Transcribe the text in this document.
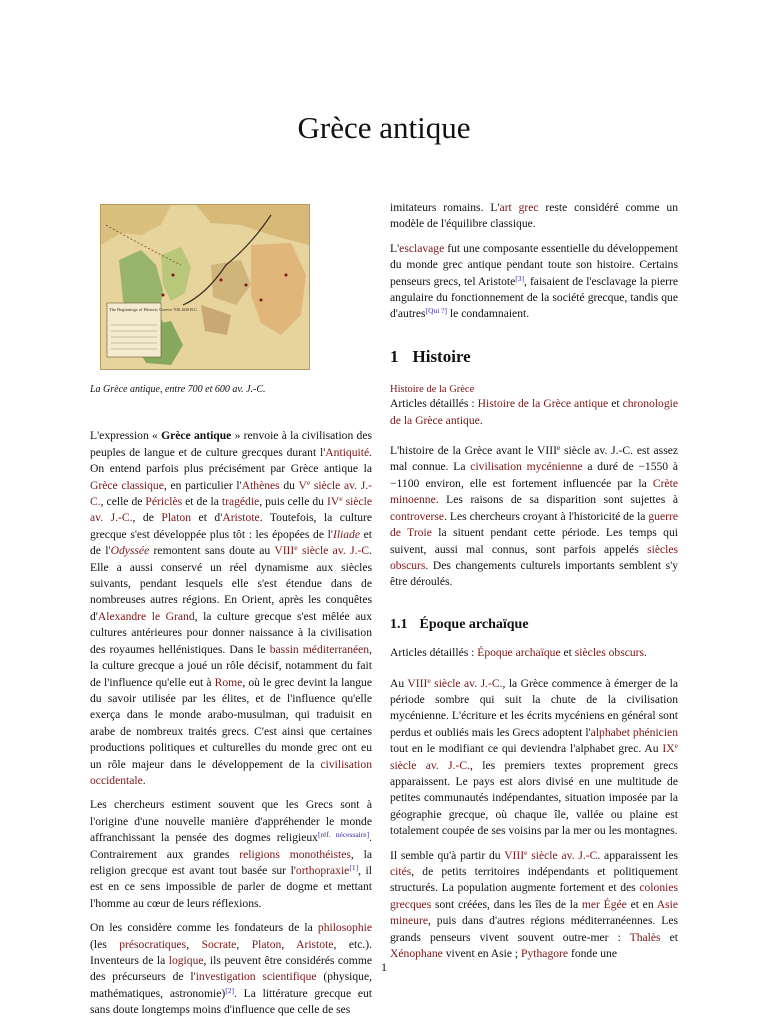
Grèce antique
The Beginnings of Historic Greece 700–600 B.C.

La Grèce antique, entre 700 et 600 av. J.-C.

L'expression « Grèce antique » renvoie à la civilisation des peuples de langue et de culture grecques durant l'Antiquité. On entend parfois plus précisément par Grèce antique la Grèce classique, en particulier l'Athènes du Ve siècle av. J.-C., celle de Périclès et de la tragédie, puis celle du IVe siècle av. J.-C., de Platon et d'Aristote. Toutefois, la culture grecque s'est développée plus tôt : les épopées de l'Iliade et de l'Odyssée remontent sans doute au VIIIe siècle av. J.-C. Elle a aussi conservé un réel dynamisme aux siècles suivants, pendant lesquels elle s'est étendue dans de nombreuses autres régions. En Orient, après les conquêtes d'Alexandre le Grand, la culture grecque s'est mêlée aux cultures antérieures pour donner naissance à la civilisation des royaumes hellénistiques. Dans le bassin méditerranéen, la culture grecque a joué un rôle décisif, notamment du fait de l'influence qu'elle eut à Rome, où le grec devint la langue du savoir utilisée par les élites, et de l'influence qu'elle exerça dans le monde arabo-musulman, qui traduisit en arabe de nombreux traités grecs. C'est ainsi que certaines productions politiques et culturelles du monde grec ont eu un rôle majeur dans le développement de la civilisation occidentale.

Les chercheurs estiment souvent que les Grecs sont à l'origine d'une nouvelle manière d'appréhender le monde affranchissant la pensée des dogmes religieux[réf. nécessaire]. Contrairement aux grandes religions monothéistes, la religion grecque est avant tout basée sur l'orthopraxie[1], il est en ce sens impossible de parler de dogme et mettant l'homme au cœur de leurs réflexions.

On les considère comme les fondateurs de la philosophie (les présocratiques, Socrate, Platon, Aristote, etc.). Inventeurs de la logique, ils peuvent être considérés comme des précurseurs de l'investigation scientifique (physique, mathématiques, astronomie)[2]. La littérature grecque eut sans doute longtemps moins d'influence que celle de ses

imitateurs romains. L'art grec reste considéré comme un modèle de l'équilibre classique.

L'esclavage fut une composante essentielle du développement du monde grec antique pendant toute son histoire. Certains penseurs grecs, tel Aristote[3], faisaient de l'esclavage la pierre angulaire du fonctionnement de la société grecque, tandis que d'autres[Qui ?] le condamnaient.

1 Histoire

Histoire de la Grèce

Articles détaillés : Histoire de la Grèce antique et chronologie de la Grèce antique.

L'histoire de la Grèce avant le VIIIe siècle av. J.-C. est assez mal connue. La civilisation mycénienne a duré de −1550 à −1100 environ, elle est fortement influencée par la Crète minoenne. Les raisons de sa disparition sont sujettes à controverse. Les chercheurs croyant à l'historicité de la guerre de Troie la situent pendant cette période. Les temps qui suivent, aussi mal connus, sont parfois appelés siècles obscurs. Des changements culturels importants semblent s'y être déroulés.

1.1 Époque archaïque

Articles détaillés : Époque archaïque et siècles obscurs.

Au VIIIe siècle av. J.-C., la Grèce commence à émerger de la période sombre qui suit la chute de la civilisation mycénienne. L'écriture et les écrits mycéniens en général sont perdus et oubliés mais les Grecs adoptent l'alphabet phénicien tout en le modifiant ce qui deviendra l'alphabet grec. Au IXe siècle av. J.-C., les premiers textes proprement grecs apparaissent. Le pays est alors divisé en une multitude de petites communautés indépendantes, situation imposée par la géographie grecque, où chaque île, vallée ou plaine est totalement coupée de ses voisins par la mer ou les montagnes.

Il semble qu'à partir du VIIIe siècle av. J.-C. apparaissent les cités, de petits territoires indépendants et politiquement structurés. La population augmente fortement et des colonies grecques sont créées, dans les îles de la mer Égée et en Asie mineure, puis dans d'autres régions méditerranéennes. Les grands penseurs vivent souvent outre-mer : Thalès et Xénophane vivent en Asie ; Pythagore fonde une

1
